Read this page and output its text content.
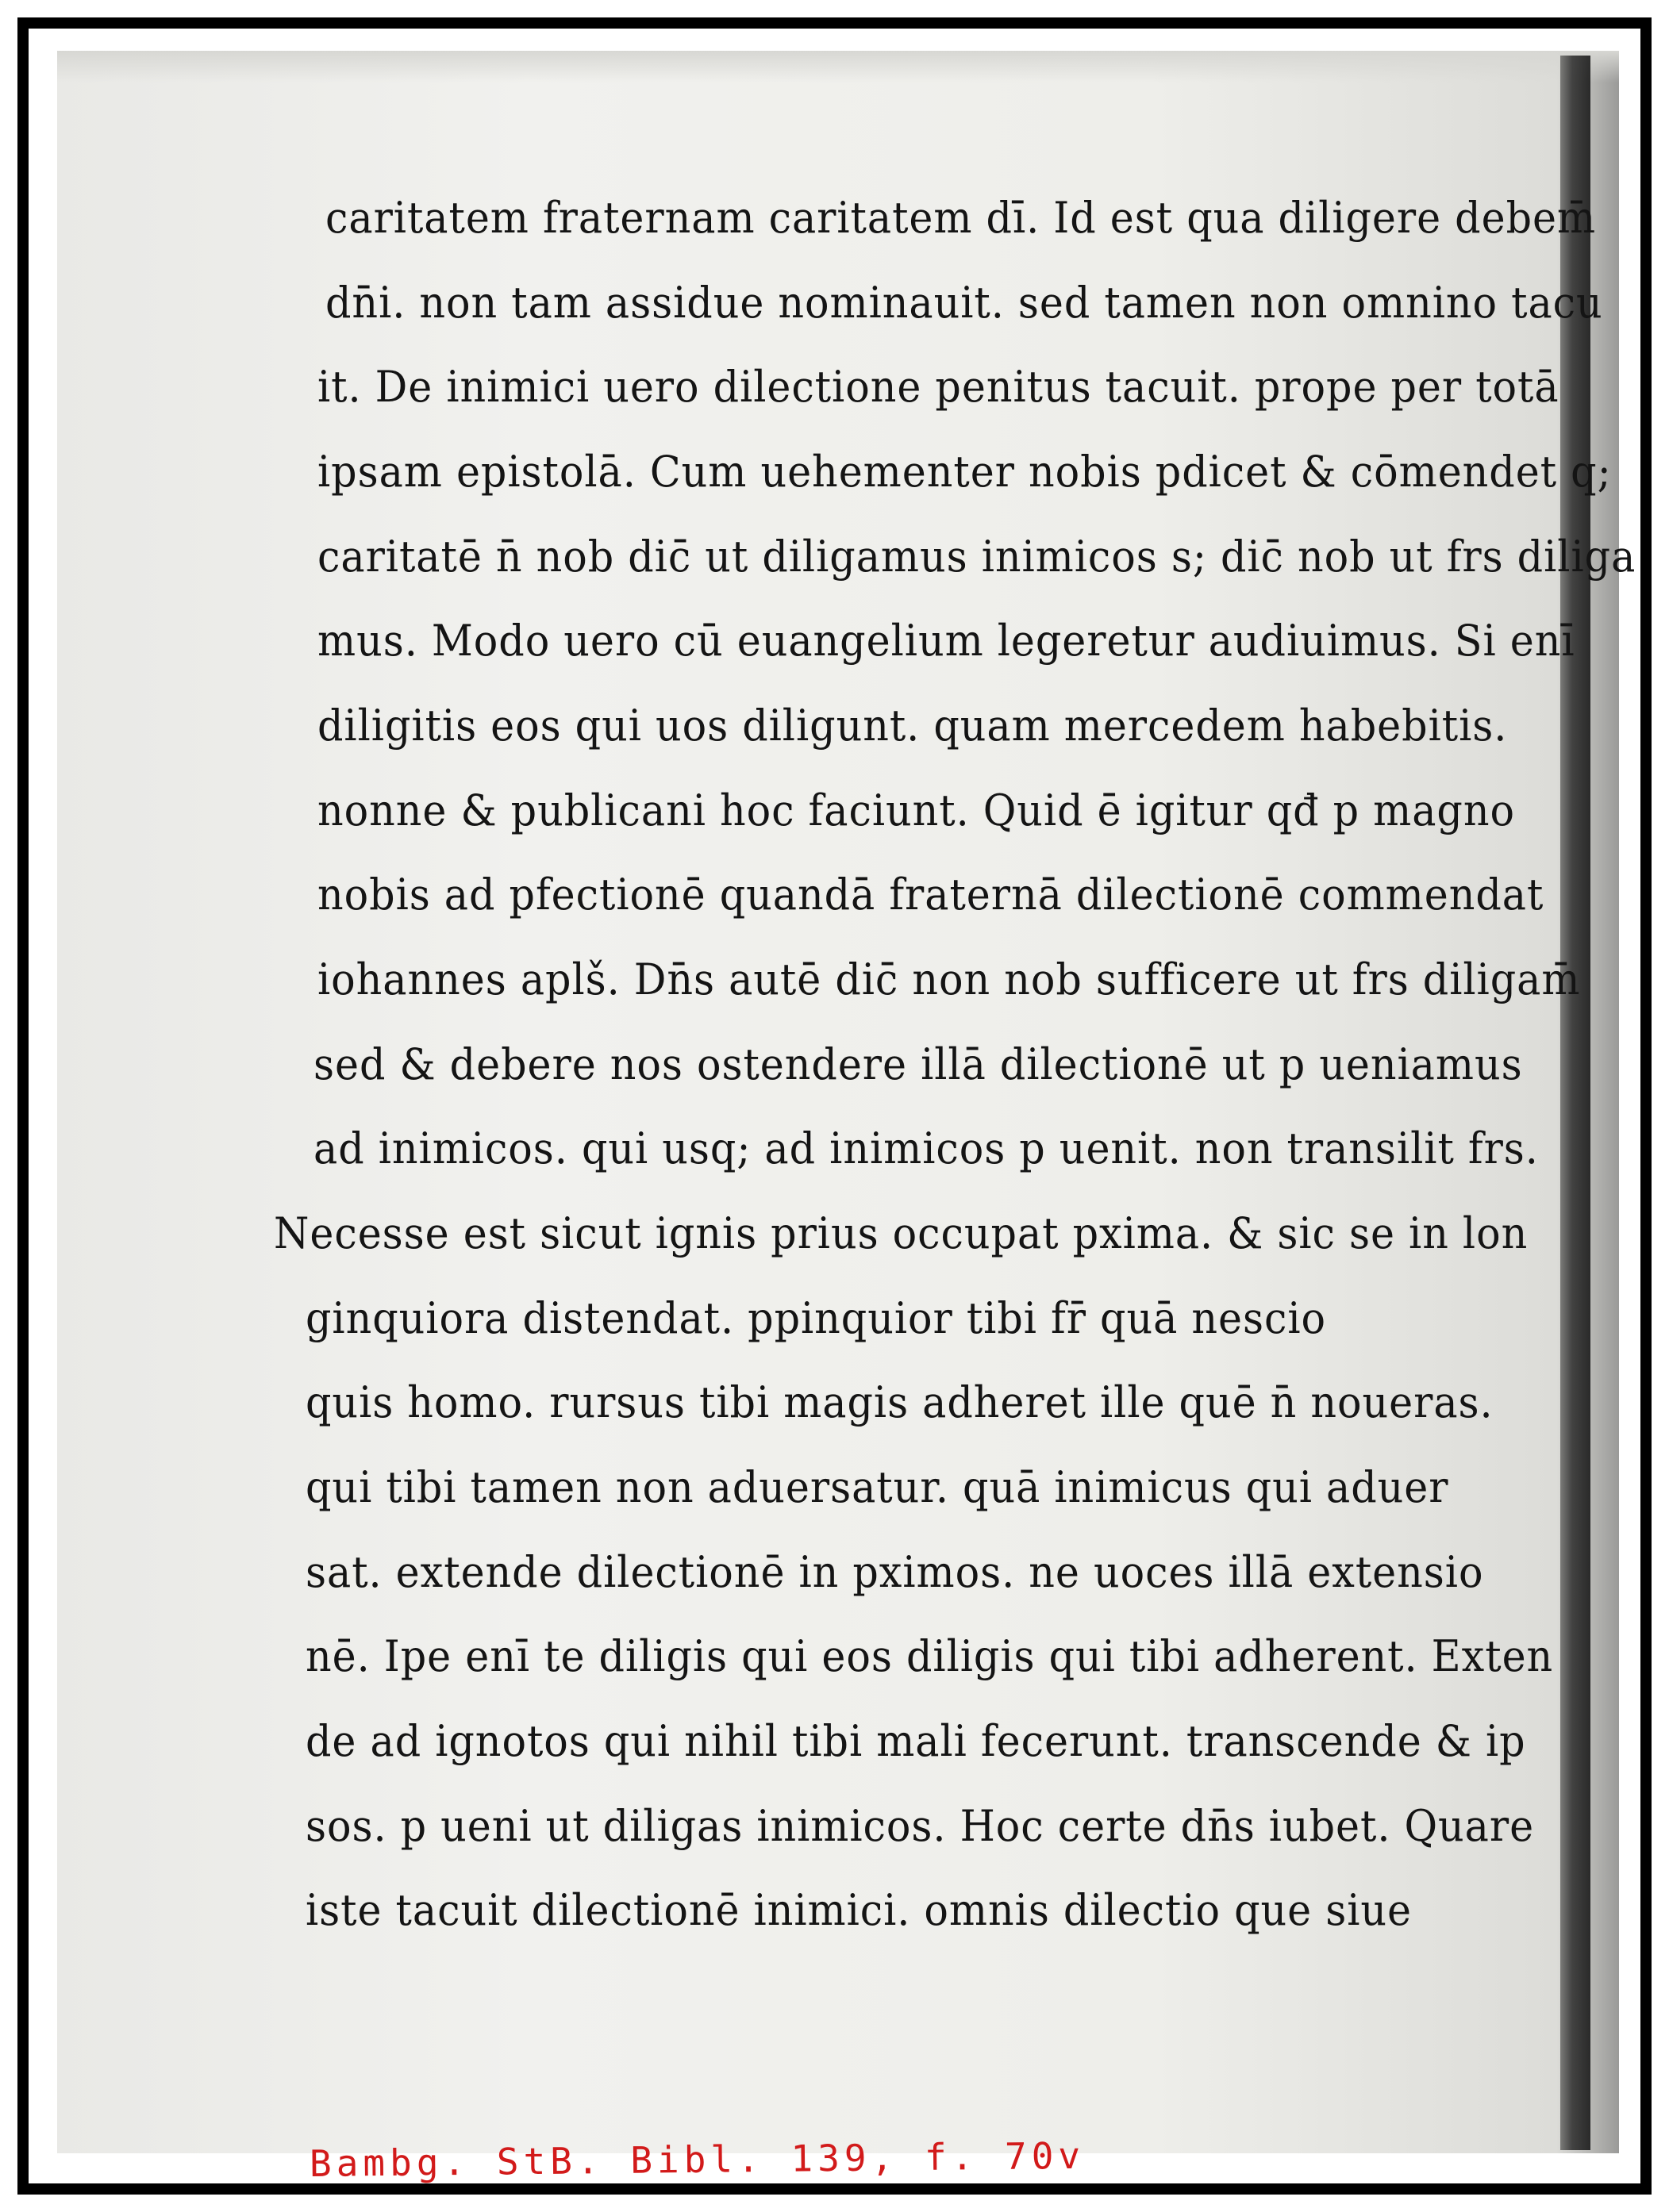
caritatem fraternam caritatem dī. Id est qua diligere debem̄
dn̄i. non tam assidue nominauit. sed tamen non omnino tacu
it. De inimici uero dilectione penitus tacuit. prope per totā
ipsam epistolā. Cum uehementer nobis pdicet & cōmendet q;
caritatē n̄ nob dic̄ ut diligamus inimicos s; dic̄ nob ut frs diliga
mus. Modo uero cū euangelium legeretur audiuimus. Si enī
diligitis eos qui uos diligunt. quam mercedem habebitis.
nonne & publicani hoc faciunt. Quid ē igitur qđ p magno
nobis ad pfectionē quandā fraternā dilectionē commendat
iohannes aplš. Dn̄s autē dic̄ non nob sufficere ut frs diligam̄
sed & debere nos ostendere illā dilectionē ut p ueniamus
ad inimicos. qui usq; ad inimicos p uenit. non transilit frs.
Necesse est sicut ignis prius occupat pxima. & sic se in lon
ginquiora distendat. ppinquior tibi fr̄ quā nescio
quis homo. rursus tibi magis adheret ille quē n̄ noueras.
qui tibi tamen non aduersatur. quā inimicus qui aduer
sat. extende dilectionē in pximos. ne uoces illā extensio
nē. Ipe enī te diligis qui eos diligis qui tibi adherent. Exten
de ad ignotos qui nihil tibi mali fecerunt. transcende & ip
sos. p ueni ut diligas inimicos. Hoc certe dn̄s iubet. Quare
iste tacuit dilectionē inimici. omnis dilectio que siue
Bambg. StB. Bibl. 139, f. 70v
